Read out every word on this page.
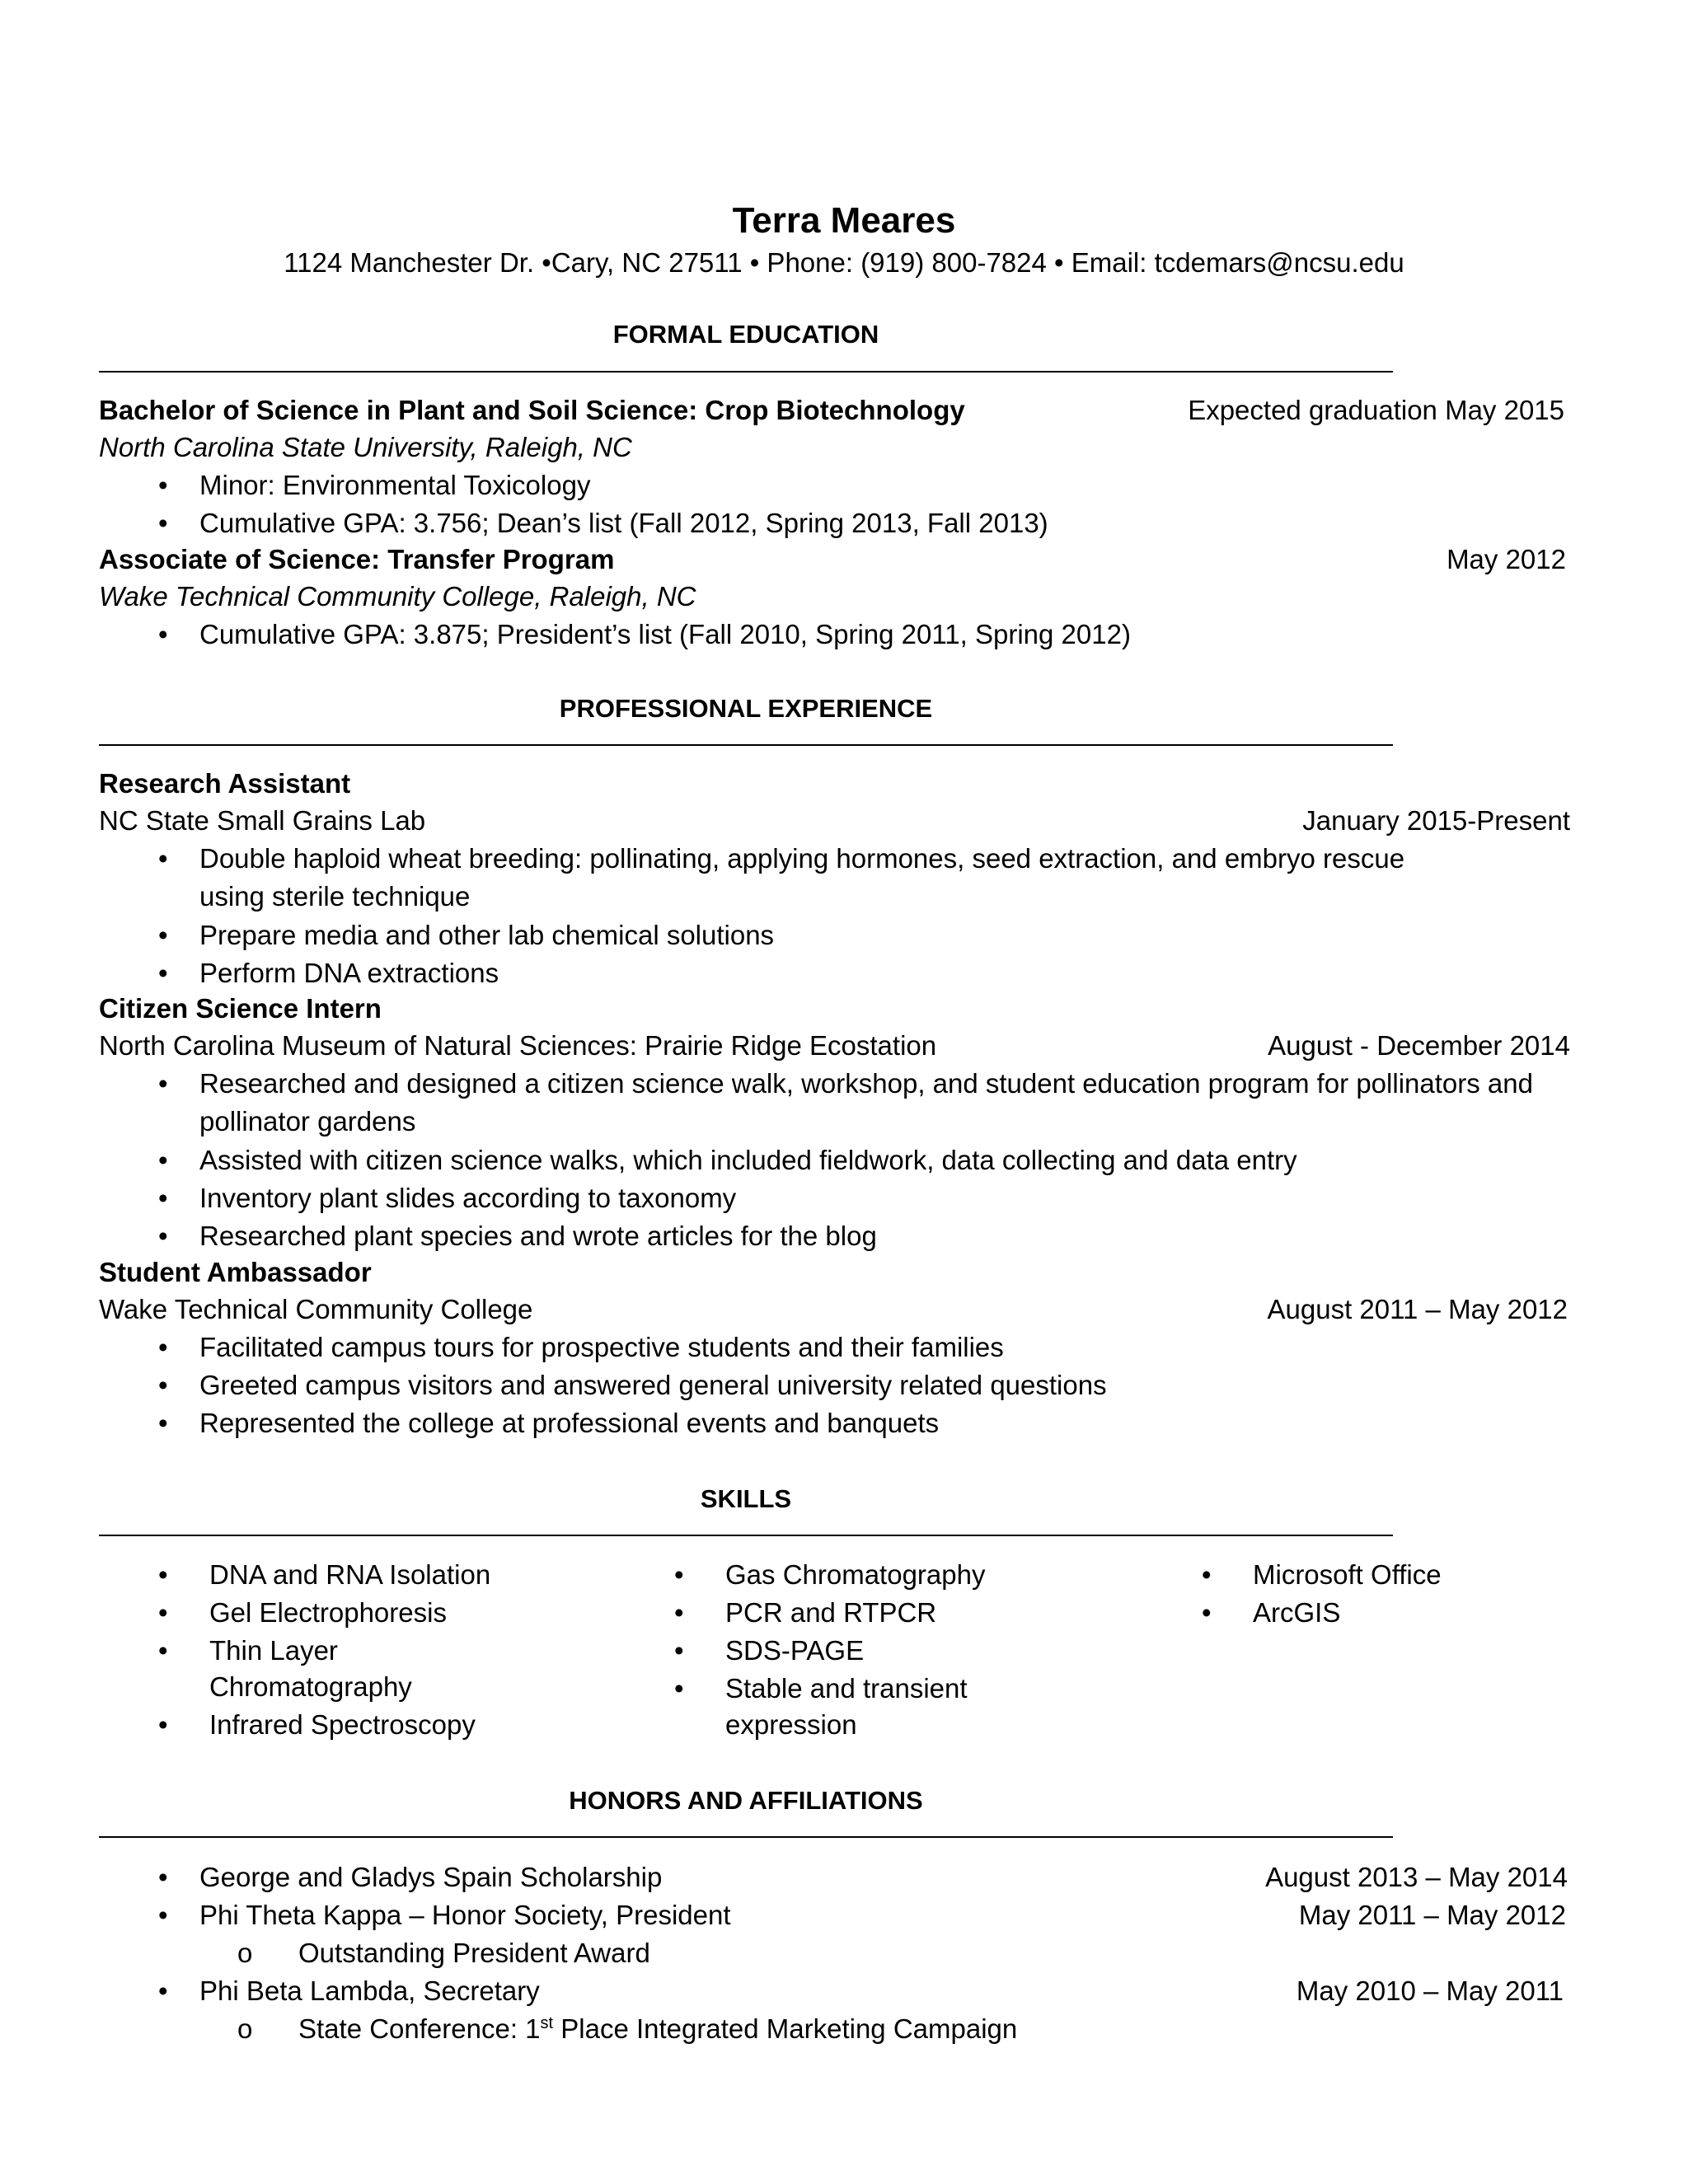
Terra Meares
1124 Manchester Dr. •Cary, NC 27511 • Phone: (919) 800-7824 • Email: tcdemars@ncsu.edu
FORMAL EDUCATION
Bachelor of Science in Plant and Soil Science: Crop Biotechnology	Expected graduation May 2015
North Carolina State University, Raleigh, NC
• Minor: Environmental Toxicology
• Cumulative GPA: 3.756; Dean’s list (Fall 2012, Spring 2013, Fall 2013)
Associate of Science: Transfer Program	May 2012
Wake Technical Community College, Raleigh, NC
• Cumulative GPA: 3.875; President’s list (Fall 2010, Spring 2011, Spring 2012)
PROFESSIONAL EXPERIENCE
Research Assistant
NC State Small Grains Lab	January 2015-Present
• Double haploid wheat breeding: pollinating, applying hormones, seed extraction, and embryo rescue using sterile technique
• Prepare media and other lab chemical solutions
• Perform DNA extractions
Citizen Science Intern
North Carolina Museum of Natural Sciences: Prairie Ridge Ecostation	August - December 2014
• Researched and designed a citizen science walk, workshop, and student education program for pollinators and pollinator gardens
• Assisted with citizen science walks, which included fieldwork, data collecting and data entry
• Inventory plant slides according to taxonomy
• Researched plant species and wrote articles for the blog
Student Ambassador
Wake Technical Community College	August 2011 – May 2012
• Facilitated campus tours for prospective students and their families
• Greeted campus visitors and answered general university related questions
• Represented the college at professional events and banquets
SKILLS
• DNA and RNA Isolation
• Gel Electrophoresis
• Thin Layer Chromatography
• Infrared Spectroscopy
• Gas Chromatography
• PCR and RTPCR
• SDS-PAGE
• Stable and transient expression
• Microsoft Office
• ArcGIS
HONORS AND AFFILIATIONS
• George and Gladys Spain Scholarship	August 2013 – May 2014
• Phi Theta Kappa – Honor Society, President	May 2011 – May 2012
o Outstanding President Award
• Phi Beta Lambda, Secretary	May 2010 – May 2011
o State Conference: 1st Place Integrated Marketing Campaign
